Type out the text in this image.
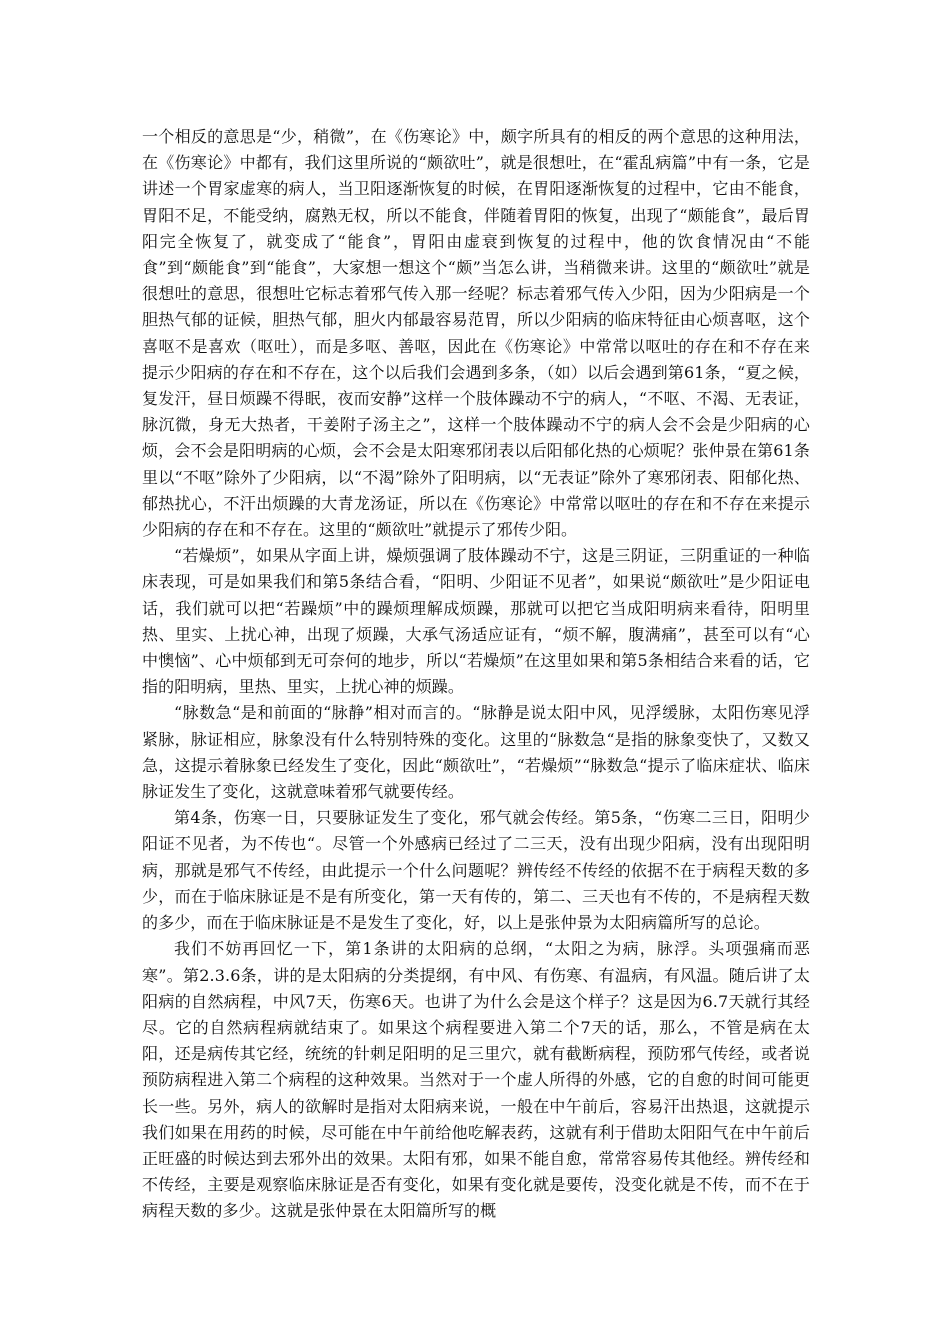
一个相反的意思是“少，稍微”，在《伤寒论》中，颇字所具有的相反的两个意思的这种用法，在《伤寒论》中都有，我们这里所说的“颇欲吐”，就是很想吐，在“霍乱病篇”中有一条，它是讲述一个胃家虚寒的病人，当卫阳逐渐恢复的时候，在胃阳逐渐恢复的过程中，它由不能食，胃阳不足，不能受纳，腐熟无权，所以不能食，伴随着胃阳的恢复，出现了“颇能食”，最后胃阳完全恢复了，就变成了“能食”，胃阳由虚衰到恢复的过程中，他的饮食情况由“不能食”到“颇能食”到“能食”，大家想一想这个“颇”当怎么讲，当稍微来讲。这里的“颇欲吐”就是很想吐的意思，很想吐它标志着邪气传入那一经呢？标志着邪气传入少阳，因为少阳病是一个胆热气郁的证候，胆热气郁，胆火内郁最容易范胃，所以少阳病的临床特征由心烦喜呕，这个喜呕不是喜欢（呕吐），而是多呕、善呕，因此在《伤寒论》中常常以呕吐的存在和不存在来提示少阳病的存在和不存在，这个以后我们会遇到多条，（如）以后会遇到第61条，“夏之候，复发汗，昼日烦躁不得眠，夜而安静”这样一个肢体躁动不宁的病人，“不呕、不渴、无表证，脉沉微，身无大热者，干姜附子汤主之”，这样一个肢体躁动不宁的病人会不会是少阳病的心烦，会不会是阳明病的心烦，会不会是太阳寒邪闭表以后阳郁化热的心烦呢？张仲景在第61条里以“不呕”除外了少阳病，以“不渴”除外了阳明病，以“无表证”除外了寒邪闭表、阳郁化热、郁热扰心，不汗出烦躁的大青龙汤证，所以在《伤寒论》中常常以呕吐的存在和不存在来提示少阳病的存在和不存在。这里的“颇欲吐”就提示了邪传少阳。

“若燥烦”，如果从字面上讲，燥烦强调了肢体躁动不宁，这是三阴证，三阴重证的一种临床表现，可是如果我们和第5条结合看，“阳明、少阳证不见者”，如果说“颇欲吐”是少阳证电话，我们就可以把“若躁烦”中的躁烦理解成烦躁，那就可以把它当成阳明病来看待，阳明里热、里实、上扰心神，出现了烦躁，大承气汤适应证有，“烦不解，腹满痛”，甚至可以有“心中懊恼”、心中烦郁到无可奈何的地步，所以“若燥烦”在这里如果和第5条相结合来看的话，它指的阳明病，里热、里实，上扰心神的烦躁。

“脉数急“是和前面的“脉静”相对而言的。“脉静是说太阳中风，见浮缓脉，太阳伤寒见浮紧脉，脉证相应，脉象没有什么特别特殊的变化。这里的“脉数急“是指的脉象变快了，又数又急，这提示着脉象已经发生了变化，因此“颇欲吐”，“若燥烦”“脉数急“提示了临床症状、临床脉证发生了变化，这就意味着邪气就要传经。

第4条，伤寒一日，只要脉证发生了变化，邪气就会传经。第5条，“伤寒二三日，阳明少阳证不见者，为不传也“。尽管一个外感病已经过了二三天，没有出现少阳病，没有出现阳明病，那就是邪气不传经，由此提示一个什么问题呢？辨传经不传经的依据不在于病程天数的多少，而在于临床脉证是不是有所变化，第一天有传的，第二、三天也有不传的，不是病程天数的多少，而在于临床脉证是不是发生了变化，好，以上是张仲景为太阳病篇所写的总论。

我们不妨再回忆一下，第1条讲的太阳病的总纲，“太阳之为病，脉浮。头项强痛而恶寒”。第2.3.6条，讲的是太阳病的分类提纲，有中风、有伤寒、有温病，有风温。随后讲了太阳病的自然病程，中风7天，伤寒6天。也讲了为什么会是这个样子？这是因为6.7天就行其经尽。它的自然病程病就结束了。如果这个病程要进入第二个7天的话，那么，不管是病在太阳，还是病传其它经，统统的针刺足阳明的足三里穴，就有截断病程，预防邪气传经，或者说预防病程进入第二个病程的这种效果。当然对于一个虚人所得的外感，它的自愈的时间可能更长一些。另外，病人的欲解时是指对太阳病来说，一般在中午前后，容易汗出热退，这就提示我们如果在用药的时候，尽可能在中午前给他吃解表药，这就有利于借助太阳阳气在中午前后正旺盛的时候达到去邪外出的效果。太阳有邪，如果不能自愈，常常容易传其他经。辨传经和不传经，主要是观察临床脉证是否有变化，如果有变化就是要传，没变化就是不传，而不在于病程天数的多少。这就是张仲景在太阳篇所写的概
